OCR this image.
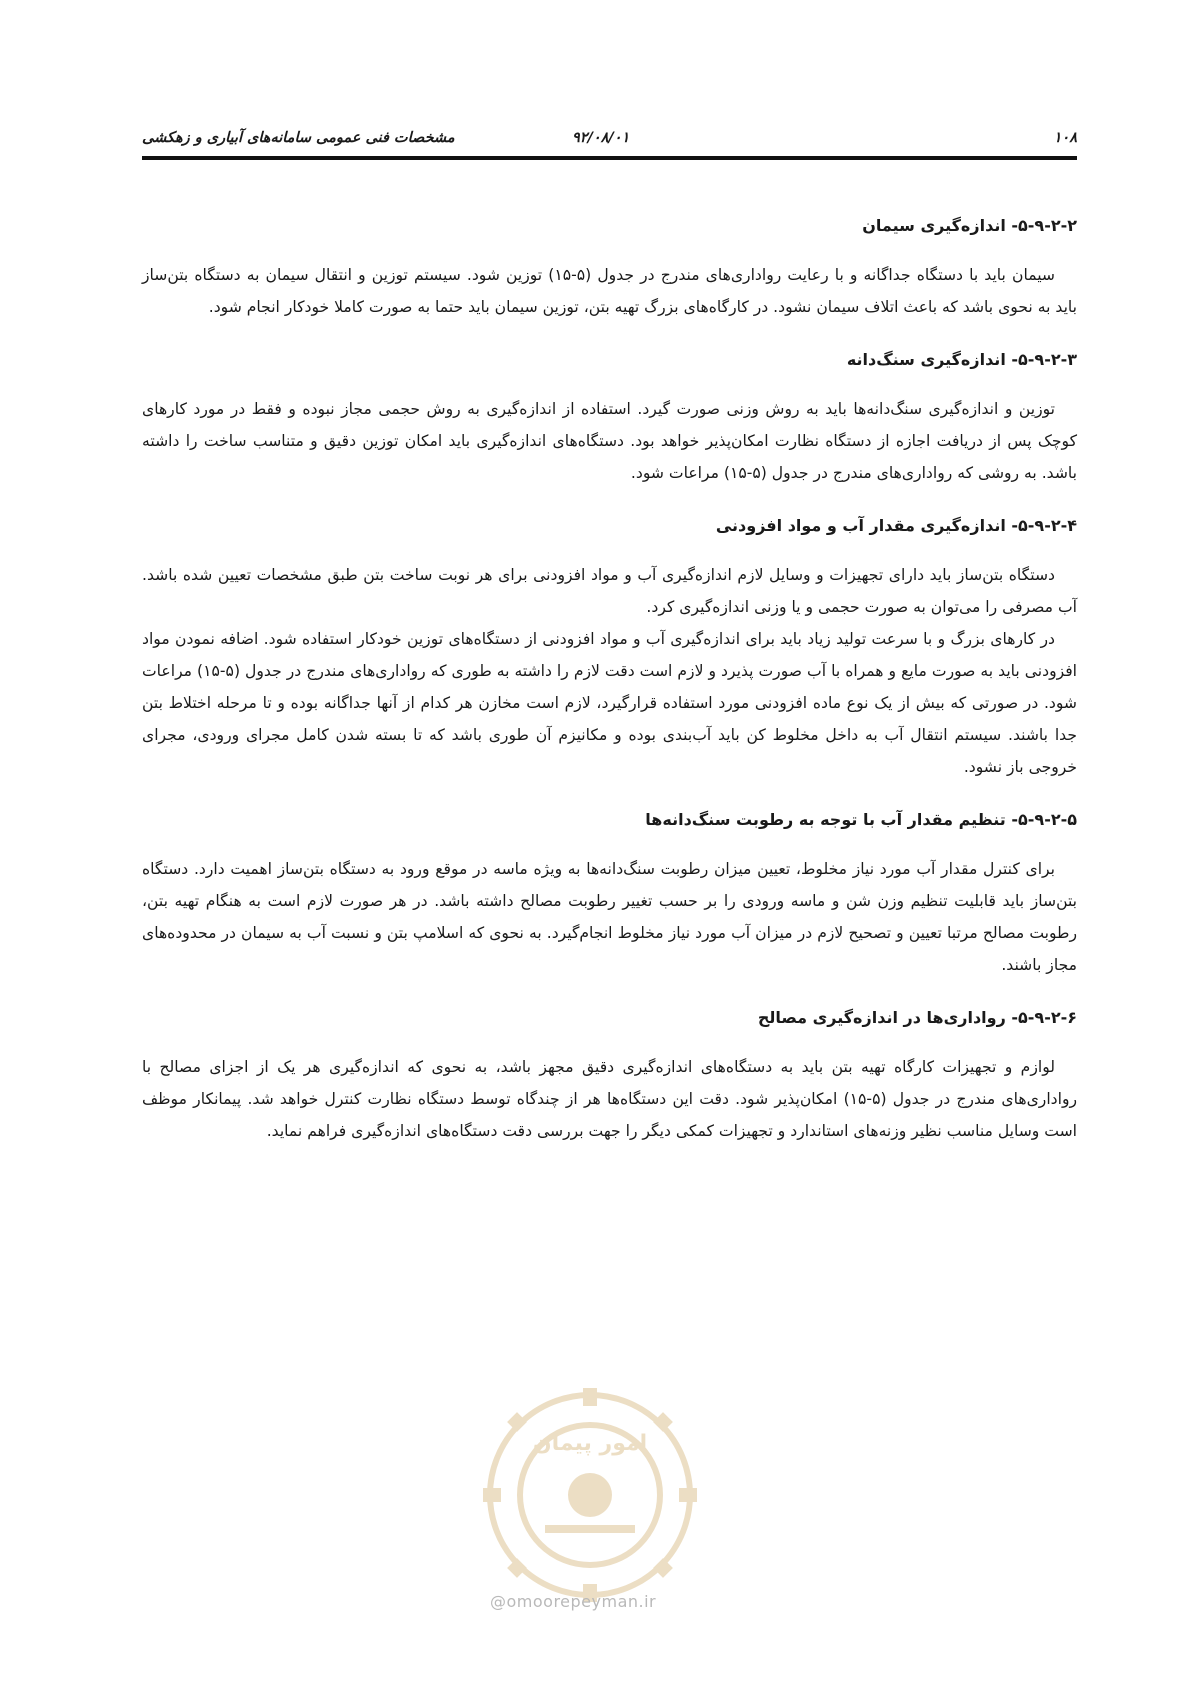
۱۰۸
۹۲/۰۸/۰۱
مشخصات فنی عمومی سامانه‌های آبیاری و زهکشی

۵-۹-۲-۲- اندازه‌گیری سیمان

سیمان باید با دستگاه جداگانه و با رعایت رواداری‌های مندرج در جدول (۵-۱۵) توزین شود. سیستم توزین و انتقال سیمان به دستگاه بتن‌ساز باید به نحوی باشد که باعث اتلاف سیمان نشود. در کارگاه‌های بزرگ تهیه بتن، توزین سیمان باید حتما به صورت کاملا خودکار انجام شود.

۵-۹-۲-۳- اندازه‌گیری سنگ‌دانه

توزین و اندازه‌گیری سنگ‌دانه‌ها باید به روش وزنی صورت گیرد. استفاده از اندازه‌گیری به روش حجمی مجاز نبوده و فقط در مورد کارهای کوچک پس از دریافت اجازه از دستگاه نظارت امکان‌پذیر خواهد بود. دستگاه‌های اندازه‌گیری باید امکان توزین دقیق و متناسب ساخت را داشته باشد. به روشی که رواداری‌های مندرج در جدول (۵-۱۵) مراعات شود.

۵-۹-۲-۴- اندازه‌گیری مقدار آب و مواد افزودنی

دستگاه بتن‌ساز باید دارای تجهیزات و وسایل لازم اندازه‌گیری آب و مواد افزودنی برای هر نوبت ساخت بتن طبق مشخصات تعیین شده باشد. آب مصرفی را می‌توان به صورت حجمی و یا وزنی اندازه‌گیری کرد.

در کارهای بزرگ و با سرعت تولید زیاد باید برای اندازه‌گیری آب و مواد افزودنی از دستگاه‌های توزین خودکار استفاده شود. اضافه نمودن مواد افزودنی باید به صورت مایع و همراه با آب صورت پذیرد و لازم است دقت لازم را داشته به طوری که رواداری‌های مندرج در جدول (۵-۱۵) مراعات شود. در صورتی که بیش از یک نوع ماده افزودنی مورد استفاده قرارگیرد، لازم است مخازن هر کدام از آنها جداگانه بوده و تا مرحله اختلاط بتن جدا باشند. سیستم انتقال آب به داخل مخلوط کن باید آب‌بندی بوده و مکانیزم آن طوری باشد که تا بسته شدن کامل مجرای ورودی، مجرای خروجی باز نشود.

۵-۹-۲-۵- تنظیم مقدار آب با توجه به رطوبت سنگ‌دانه‌ها

برای کنترل مقدار آب مورد نیاز مخلوط، تعیین میزان رطوبت سنگ‌دانه‌ها به ویژه ماسه در موقع ورود به دستگاه بتن‌ساز اهمیت دارد. دستگاه بتن‌ساز باید قابلیت تنظیم وزن شن و ماسه ورودی را بر حسب تغییر رطوبت مصالح داشته باشد. در هر صورت لازم است به هنگام تهیه بتن، رطوبت مصالح مرتبا تعیین و تصحیح لازم در میزان آب مورد نیاز مخلوط انجام‌گیرد. به نحوی که اسلامپ بتن و نسبت آب به سیمان در محدوده‌های مجاز باشند.

۵-۹-۲-۶- رواداری‌ها در اندازه‌گیری مصالح

لوازم و تجهیزات کارگاه تهیه بتن باید به دستگاه‌های اندازه‌گیری دقیق مجهز باشد، به نحوی که اندازه‌گیری هر یک از اجزای مصالح با رواداری‌های مندرج در جدول (۵-۱۵) امکان‌پذیر شود. دقت این دستگاه‌ها هر از چندگاه توسط دستگاه نظارت کنترل خواهد شد. پیمانکار موظف است وسایل مناسب نظیر وزنه‌های استاندارد و تجهیزات کمکی دیگر را جهت بررسی دقت دستگاه‌های اندازه‌گیری فراهم نماید.

امور پیمان
@omoorepeyman.ir
